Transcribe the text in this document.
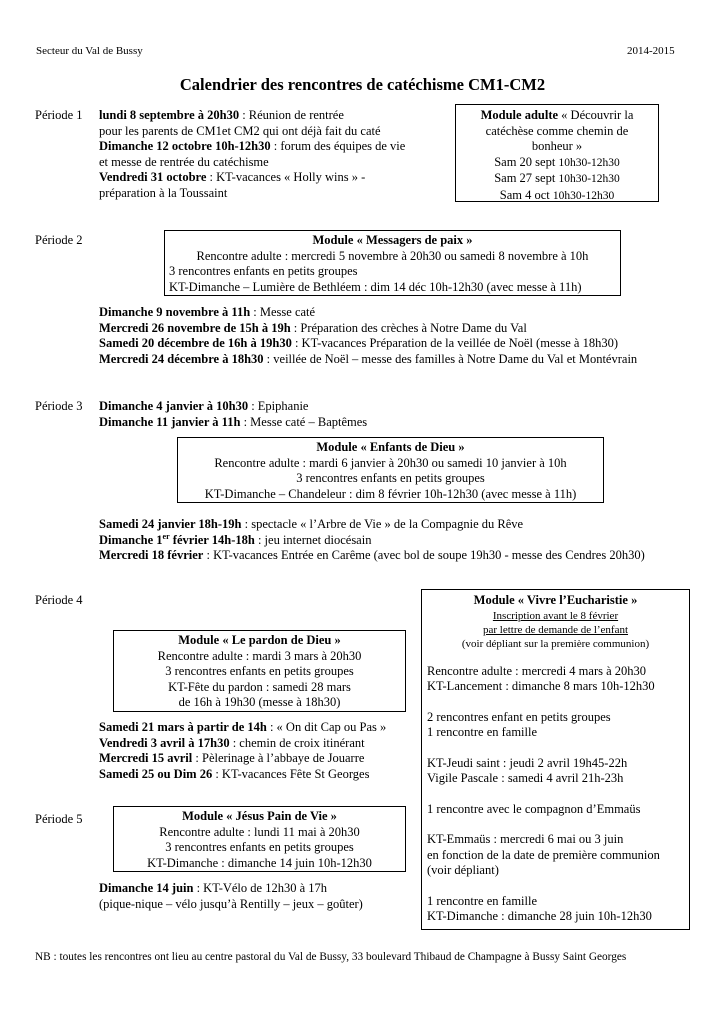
Secteur du Val de Bussy	2014-2015
Calendrier des rencontres de catéchisme CM1-CM2
Période 1 lundi 8 septembre à 20h30 : Réunion de rentrée
pour les parents de CM1et CM2 qui ont déjà fait du caté
Dimanche 12 octobre 10h-12h30 : forum des équipes de vie
et messe de rentrée du catéchisme
Vendredi 31 octobre : KT-vacances « Holly wins » -
préparation à la Toussaint
Module adulte « Découvrir la
catéchèse comme chemin de
bonheur »
Sam 20 sept 10h30-12h30
Sam 27 sept 10h30-12h30
Sam 4 oct 10h30-12h30
Période 2	Module « Messagers de paix »
Rencontre adulte : mercredi 5 novembre à 20h30 ou samedi 8 novembre à 10h
3 rencontres enfants en petits groupes
KT-Dimanche – Lumière de Bethléem : dim 14 déc 10h-12h30 (avec messe à 11h)
Dimanche 9 novembre à 11h : Messe caté
Mercredi 26 novembre de 15h à 19h : Préparation des crèches à Notre Dame du Val
Samedi 20 décembre de 16h à 19h30 : KT-vacances Préparation de la veillée de Noël (messe à 18h30)
Mercredi 24 décembre à 18h30 : veillée de Noël – messe des familles à Notre Dame du Val et Montévrain
Période 3 Dimanche 4 janvier à 10h30 : Epiphanie
Dimanche 11 janvier à 11h : Messe caté – Baptêmes
Module « Enfants de Dieu »
Rencontre adulte : mardi 6 janvier à 20h30 ou samedi 10 janvier à 10h
3 rencontres enfants en petits groupes
KT-Dimanche – Chandeleur : dim 8 février 10h-12h30 (avec messe à 11h)
Samedi 24 janvier 18h-19h : spectacle « l’Arbre de Vie » de la Compagnie du Rêve
Dimanche 1er février 14h-18h : jeu internet diocésain
Mercredi 18 février : KT-vacances Entrée en Carême (avec bol de soupe 19h30 - messe des Cendres 20h30)
Période 4
Module « Le pardon de Dieu »
Rencontre adulte : mardi 3 mars à 20h30
3 rencontres enfants en petits groupes
KT-Fête du pardon : samedi 28 mars
de 16h à 19h30 (messe à 18h30)
Samedi 21 mars à partir de 14h : « On dit Cap ou Pas »
Vendredi 3 avril à 17h30 : chemin de croix itinérant
Mercredi 15 avril : Pèlerinage à l’abbaye de Jouarre
Samedi 25 ou Dim 26 : KT-vacances Fête St Georges
Module « Vivre l’Eucharistie »
Inscription avant le 8 février
par lettre de demande de l’enfant
(voir dépliant sur la première communion)
Rencontre adulte : mercredi 4 mars à 20h30
KT-Lancement : dimanche 8 mars 10h-12h30
2 rencontres enfant en petits groupes
1 rencontre en famille
KT-Jeudi saint : jeudi 2 avril 19h45-22h
Vigile Pascale : samedi 4 avril 21h-23h
1 rencontre avec le compagnon d’Emmaüs
KT-Emmaüs : mercredi 6 mai ou 3 juin
en fonction de la date de première communion
(voir dépliant)
1 rencontre en famille
KT-Dimanche : dimanche 28 juin 10h-12h30
Période 5	Module « Jésus Pain de Vie »
Rencontre adulte : lundi 11 mai à 20h30
3 rencontres enfants en petits groupes
KT-Dimanche : dimanche 14 juin 10h-12h30
Dimanche 14 juin : KT-Vélo de 12h30 à 17h
(pique-nique – vélo jusqu’à Rentilly – jeux – goûter)
NB : toutes les rencontres ont lieu au centre pastoral du Val de Bussy, 33 boulevard Thibaud de Champagne à Bussy Saint Georges
